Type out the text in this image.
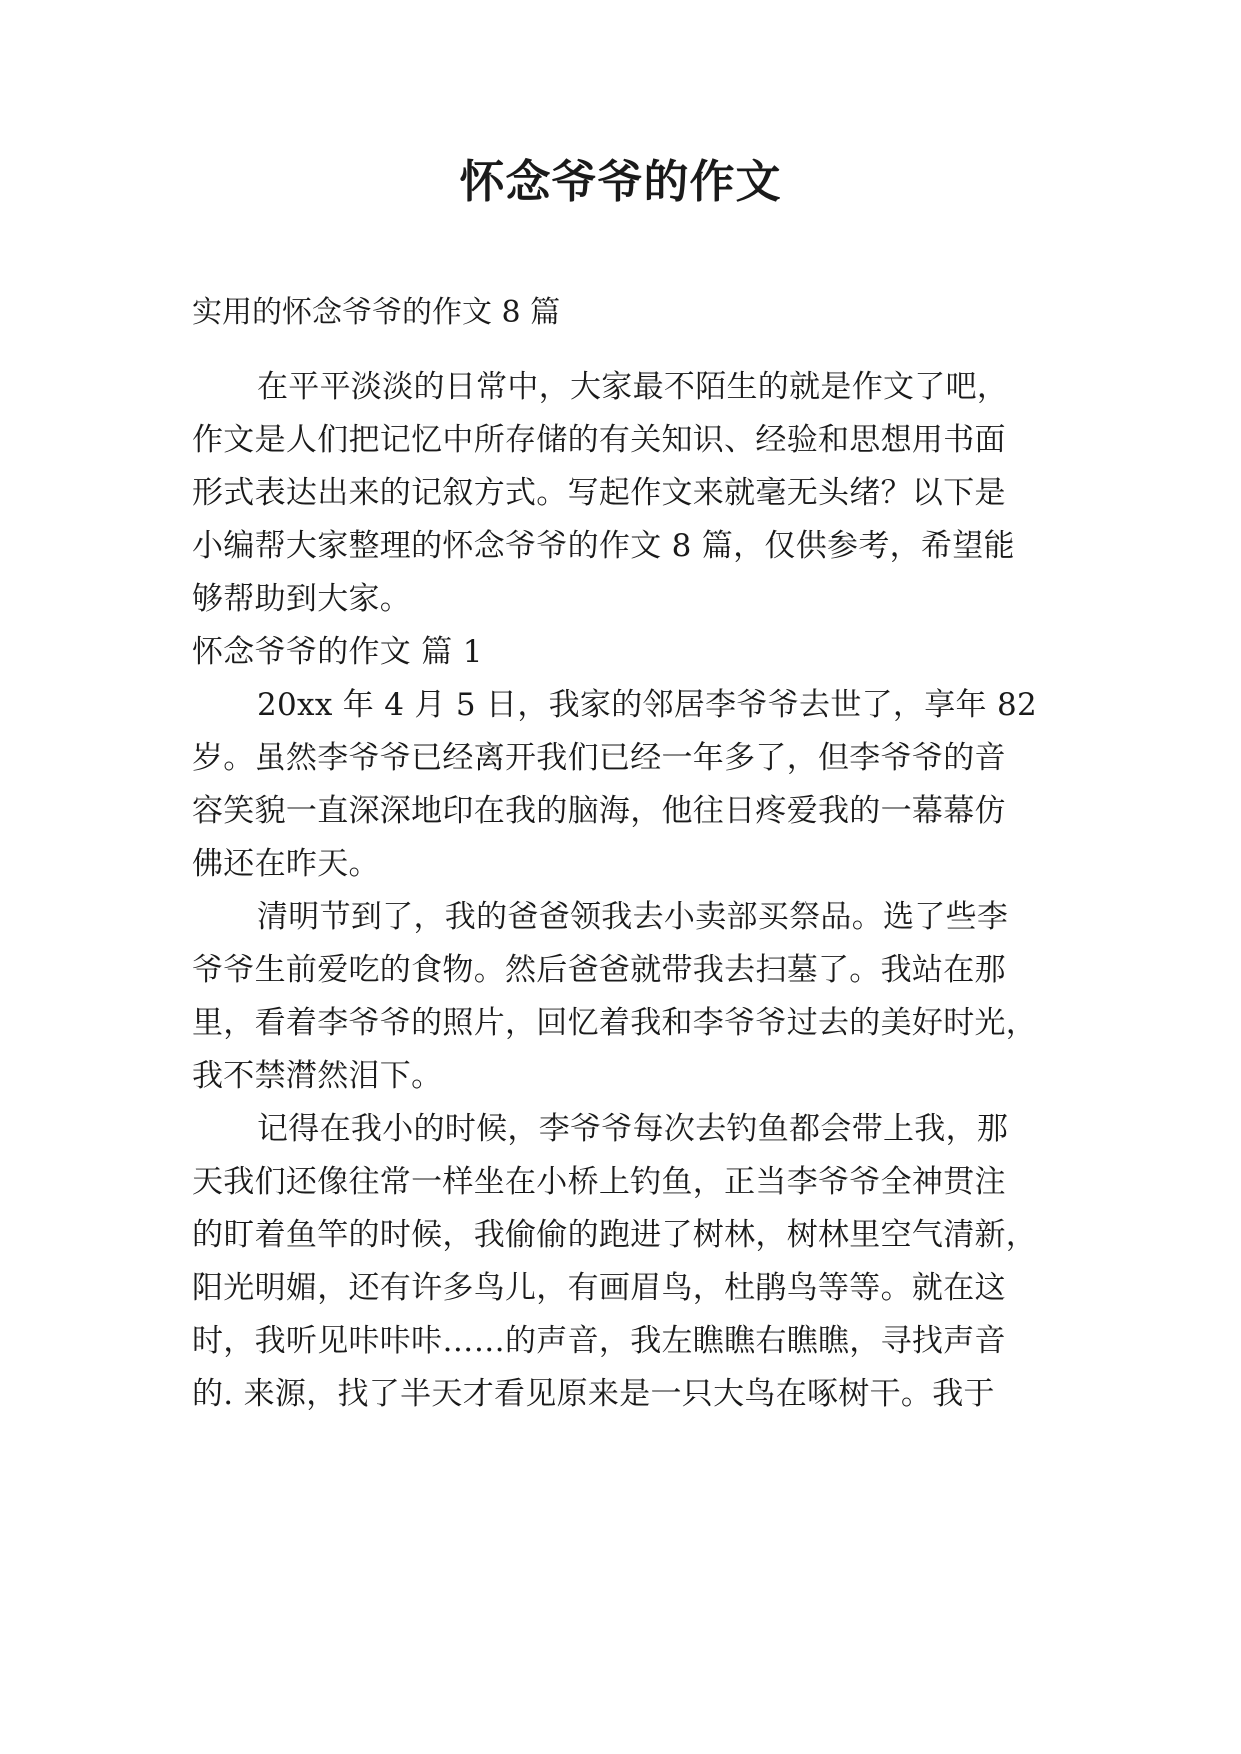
怀念爷爷的作文
实用的怀念爷爷的作文 8 篇
在平平淡淡的日常中，大家最不陌生的就是作文了吧，
作文是人们把记忆中所存储的有关知识、经验和思想用书面
形式表达出来的记叙方式。写起作文来就毫无头绪？以下是
小编帮大家整理的怀念爷爷的作文 8 篇，仅供参考，希望能
够帮助到大家。
怀念爷爷的作文 篇 1
20xx 年 4 月 5 日，我家的邻居李爷爷去世了，享年 82
岁。虽然李爷爷已经离开我们已经一年多了，但李爷爷的音
容笑貌一直深深地印在我的脑海，他往日疼爱我的一幕幕仿
佛还在昨天。
清明节到了，我的爸爸领我去小卖部买祭品。选了些李
爷爷生前爱吃的食物。然后爸爸就带我去扫墓了。我站在那
里，看着李爷爷的照片，回忆着我和李爷爷过去的美好时光，
我不禁潸然泪下。
记得在我小的时候，李爷爷每次去钓鱼都会带上我，那
天我们还像往常一样坐在小桥上钓鱼，正当李爷爷全神贯注
的盯着鱼竿的时候，我偷偷的跑进了树林，树林里空气清新，
阳光明媚，还有许多鸟儿，有画眉鸟，杜鹃鸟等等。就在这
时，我听见咔咔咔……的声音，我左瞧瞧右瞧瞧，寻找声音
的. 来源，找了半天才看见原来是一只大鸟在啄树干。我于
